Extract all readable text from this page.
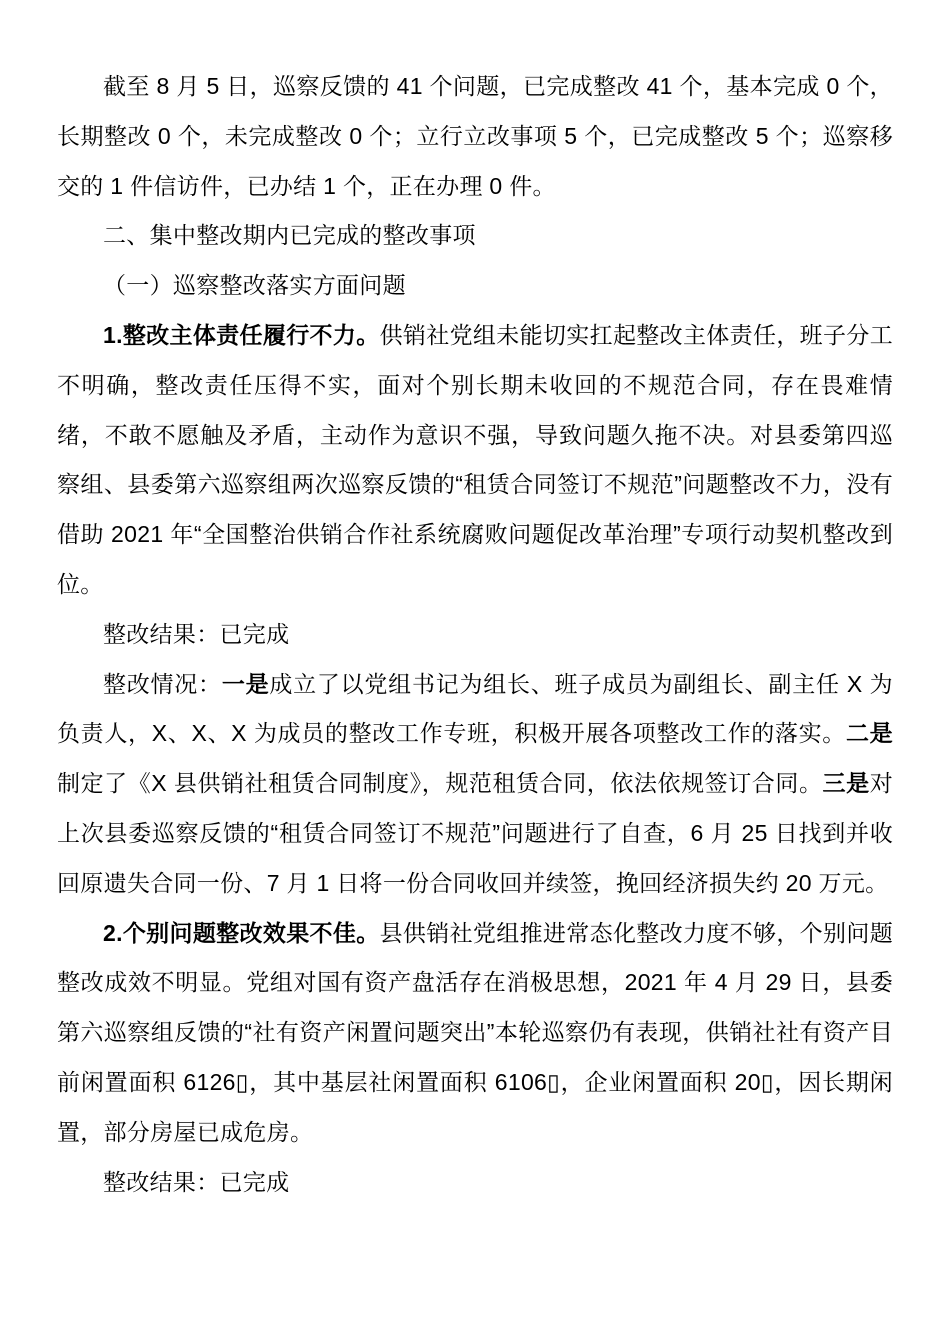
截至 8 月 5 日，巡察反馈的 41 个问题，已完成整改 41 个，基本完成 0 个，长期整改 0 个，未完成整改 0 个；立行立改事项 5 个，已完成整改 5 个；巡察移交的 1 件信访件，已办结 1 个，正在办理 0 件。

二、集中整改期内已完成的整改事项

（一）巡察整改落实方面问题

1.整改主体责任履行不力。供销社党组未能切实扛起整改主体责任，班子分工不明确，整改责任压得不实，面对个别长期未收回的不规范合同，存在畏难情绪，不敢不愿触及矛盾，主动作为意识不强，导致问题久拖不决。对县委第四巡察组、县委第六巡察组两次巡察反馈的“租赁合同签订不规范”问题整改不力，没有借助 2021 年“全国整治供销合作社系统腐败问题促改革治理”专项行动契机整改到位。

整改结果：已完成

整改情况：一是成立了以党组书记为组长、班子成员为副组长、副主任 X 为负责人，X、X、X 为成员的整改工作专班，积极开展各项整改工作的落实。二是制定了《X 县供销社租赁合同制度》，规范租赁合同，依法依规签订合同。三是对上次县委巡察反馈的“租赁合同签订不规范”问题进行了自查，6 月 25 日找到并收回原遗失合同一份、7 月 1 日将一份合同收回并续签，挽回经济损失约 20 万元。

2.个别问题整改效果不佳。县供销社党组推进常态化整改力度不够，个别问题整改成效不明显。党组对国有资产盘活存在消极思想，2021 年 4 月 29 日，县委第六巡察组反馈的“社有资产闲置问题突出”本轮巡察仍有表现，供销社社有资产目前闲置面积 6126▯，其中基层社闲置面积 6106▯，企业闲置面积 20▯，因长期闲置，部分房屋已成危房。

整改结果：已完成
